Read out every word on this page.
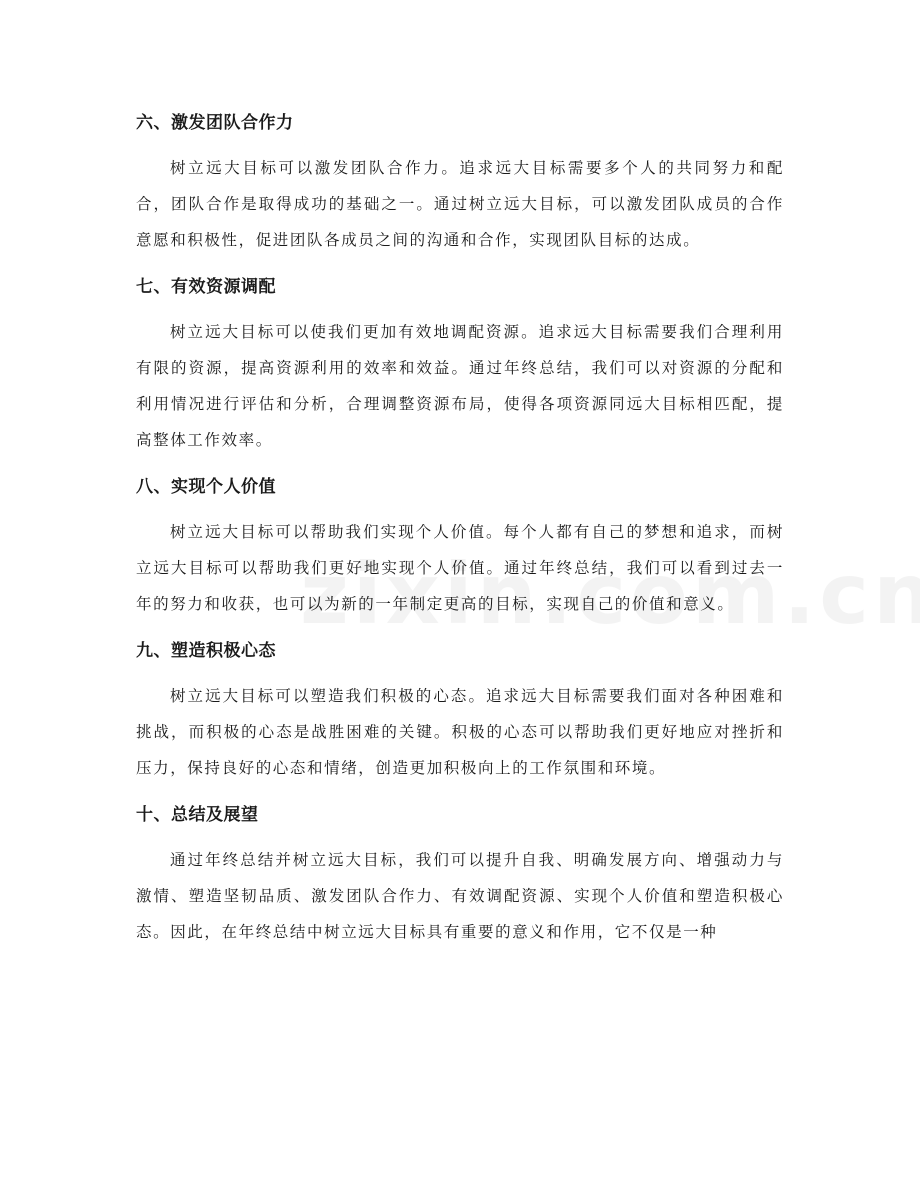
六、激发团队合作力

树立远大目标可以激发团队合作力。追求远大目标需要多个人的共同努力和配合，团队合作是取得成功的基础之一。通过树立远大目标，可以激发团队成员的合作意愿和积极性，促进团队各成员之间的沟通和合作，实现团队目标的达成。

七、有效资源调配

树立远大目标可以使我们更加有效地调配资源。追求远大目标需要我们合理利用有限的资源，提高资源利用的效率和效益。通过年终总结，我们可以对资源的分配和利用情况进行评估和分析，合理调整资源布局，使得各项资源同远大目标相匹配，提高整体工作效率。

八、实现个人价值

树立远大目标可以帮助我们实现个人价值。每个人都有自己的梦想和追求，而树立远大目标可以帮助我们更好地实现个人价值。通过年终总结，我们可以看到过去一年的努力和收获，也可以为新的一年制定更高的目标，实现自己的价值和意义。

九、塑造积极心态

树立远大目标可以塑造我们积极的心态。追求远大目标需要我们面对各种困难和挑战，而积极的心态是战胜困难的关键。积极的心态可以帮助我们更好地应对挫折和压力，保持良好的心态和情绪，创造更加积极向上的工作氛围和环境。

十、总结及展望

通过年终总结并树立远大目标，我们可以提升自我、明确发展方向、增强动力与激情、塑造坚韧品质、激发团队合作力、有效调配资源、实现个人价值和塑造积极心态。因此，在年终总结中树立远大目标具有重要的意义和作用，它不仅是一种
